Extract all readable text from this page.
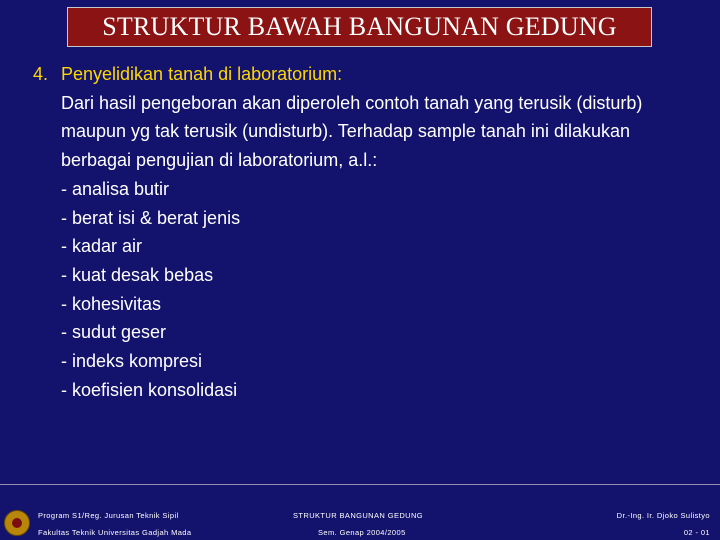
STRUKTUR BAWAH BANGUNAN GEDUNG
4. Penyelidikan tanah di laboratorium:
Dari hasil pengeboran akan diperoleh contoh tanah yang terusik (disturb) maupun yg tak terusik (undisturb). Terhadap sample tanah ini dilakukan berbagai pengujian di laboratorium, a.l.:
- analisa butir
- berat isi & berat jenis
- kadar air
- kuat desak bebas
- kohesivitas
- sudut geser
- indeks kompresi
- koefisien konsolidasi
Program S1/Reg. Jurusan Teknik Sipil
Fakultas Teknik Universitas Gadjah Mada
STRUKTUR BANGUNAN GEDUNG
Sem. Genap 2004/2005
Dr.-Ing. Ir. Djoko Sulistyo
02 - 01
